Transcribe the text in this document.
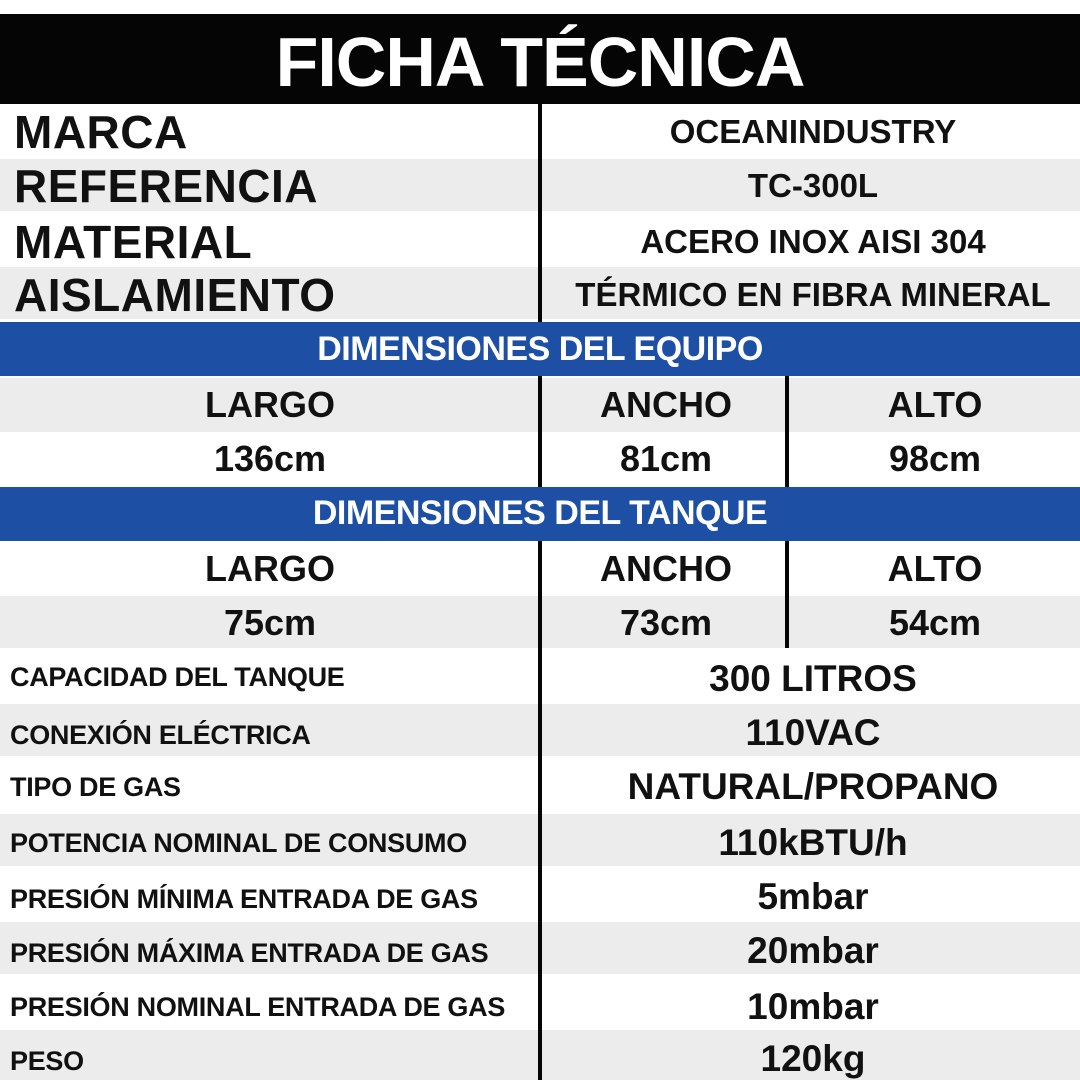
FICHA TÉCNICA
MARCA	OCEANINDUSTRY
REFERENCIA	TC-300L
MATERIAL	ACERO INOX AISI 304
AISLAMIENTO	TÉRMICO EN FIBRA MINERAL
DIMENSIONES DEL EQUIPO
LARGO	ANCHO	ALTO
136cm	81cm	98cm
DIMENSIONES DEL TANQUE
LARGO	ANCHO	ALTO
75cm	73cm	54cm
CAPACIDAD DEL TANQUE	300 LITROS
CONEXIÓN ELÉCTRICA	110VAC
TIPO DE GAS	NATURAL/PROPANO
POTENCIA NOMINAL DE CONSUMO	110kBTU/h
PRESIÓN MÍNIMA ENTRADA DE GAS	5mbar
PRESIÓN MÁXIMA ENTRADA DE GAS	20mbar
PRESIÓN NOMINAL ENTRADA DE GAS	10mbar
PESO	120kg
